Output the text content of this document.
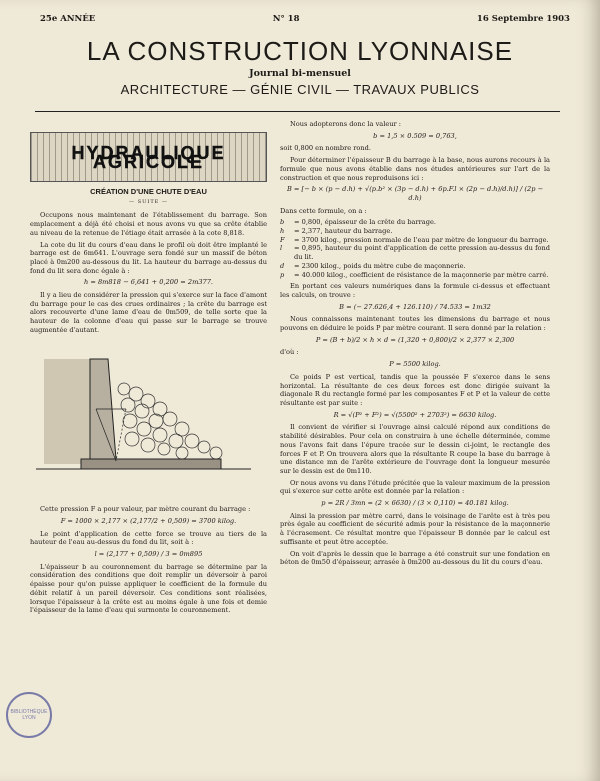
25e ANNÉE	N° 18	16 Septembre 1903
LA CONSTRUCTION LYONNAISE
Journal bi-mensuel
ARCHITECTURE — GÉNIE CIVIL — TRAVAUX PUBLICS
HYDRAULIQUE AGRICOLE
CRÉATION D'UNE CHUTE D'EAU
— SUITE —

Occupons nous maintenant de l'établissement du barrage. Son emplacement a déjà été choisi et nous avons vu que sa crête établie au niveau de la retenue de l'étiage était arrasée à la cote 8,818.

La cote du lit du cours d'eau dans le profil où doit être implanté le barrage est de 6m641. L'ouvrage sera fondé sur un massif de béton placé à 0m200 au-dessous du lit. La hauteur du barrage au-dessus du fond du lit sera donc égale à :

h = 8m818 − 6,641 + 0,200 = 2m377.

Il y a lieu de considérer la pression qui s'exerce sur la face d'amont du barrage pour le cas des crues ordinaires ; la crête du barrage est alors recouverte d'une lame d'eau de 0m509, de telle sorte que la hauteur de la colonne d'eau qui passe sur le barrage se trouve augmentée d'autant.

Cette pression F a pour valeur, par mètre courant du barrage :

F = 1000 × 2,177 × (2,177/2 + 0,509) = 3700 kilog.

Le point d'application de cette force se trouve au tiers de la hauteur de l'eau au-dessus du fond du lit, soit à :

l = (2,177 + 0,509) / 3 = 0m895

L'épaisseur b au couronnement du barrage se détermine par la considération des conditions que doit remplir un déversoir à paroi épaisse pour qu'on puisse appliquer le coefficient de la formule du débit relatif à un pareil déversoir. Ces conditions sont réalisées, lorsque l'épaisseur à la crête est au moins égale à une fois et demie l'épaisseur de la lame d'eau qui surmonte le couronnement.

Nous adopterons donc la valeur :

b = 1,5 × 0.509 = 0,763,

soit 0,800 en nombre rond.

Pour déterminer l'épaisseur B du barrage à la base, nous aurons recours à la formule que nous avons établie dans nos études antérieures sur l'art de la construction et que nous reproduisons ici :

B = [− b × (p − d.h) + √(p.b² × (3p − d.h) + 6p.F.l × (2p − d.h)/d.h)] / (2p − d.h)

Dans cette formule, on a :

b	= 0,800, épaisseur de la crête du barrage.
h	= 2,377, hauteur du barrage.
F	= 3700 kilog., pression normale de l'eau par mètre de longueur du barrage.
l	= 0,895, hauteur du point d'application de cette pression au-dessus du fond du lit.
d	= 2300 kilog., poids du mètre cube de maçonnerie.
p	= 40.000 kilog., coefficient de résistance de la maçonnerie par mètre carré.

En portant ces valeurs numériques dans la formule ci-dessus et effectuant les calculs, on trouve :

B = (− 27.626,4 + 126.110) / 74.533 = 1m32

Nous connaissons maintenant toutes les dimensions du barrage et nous pouvons en déduire le poids P par mètre courant. Il sera donné par la relation :

P = (B + b)/2 × h × d = (1,320 + 0,800)/2 × 2,377 × 2,300

d'où :

P = 5500 kilog.

Ce poids P est vertical, tandis que la poussée F s'exerce dans le sens horizontal. La résultante de ces deux forces est donc dirigée suivant la diagonale R du rectangle formé par les composantes F et P et la valeur de cette résultante est par suite :

R = √(P² + F²) = √(5500² + 2703²) = 6630 kilog.

Il convient de vérifier si l'ouvrage ainsi calculé répond aux conditions de stabilité désirables. Pour cela on construira à une échelle déterminée, comme nous l'avons fait dans l'épure tracée sur le dessin ci-joint, le rectangle des forces F et P. On trouvera alors que la résultante R coupe la base du barrage à une distance mn de l'arête extérieure de l'ouvrage dont la longueur mesurée sur le dessin est de 0m110.

Or nous avons vu dans l'étude précitée que la valeur maximum de la pression qui s'exerce sur cette arête est donnée par la relation :

p = 2R / 3mn = (2 × 6630) / (3 × 0,110) = 40.181 kilog.

Ainsi la pression par mètre carré, dans le voisinage de l'arête est à très peu près égale au coefficient de sécurité admis pour la résistance de la maçonnerie à l'écrasement. Ce résultat montre que l'épaisseur B donnée par le calcul est suffisante et peut être acceptée.

On voit d'après le dessin que le barrage a été construit sur une fondation en béton de 0m50 d'épaisseur, arrasée à 0m200 au-dessous du lit du cours d'eau.

BIBLIOTHÈQUE LYON
